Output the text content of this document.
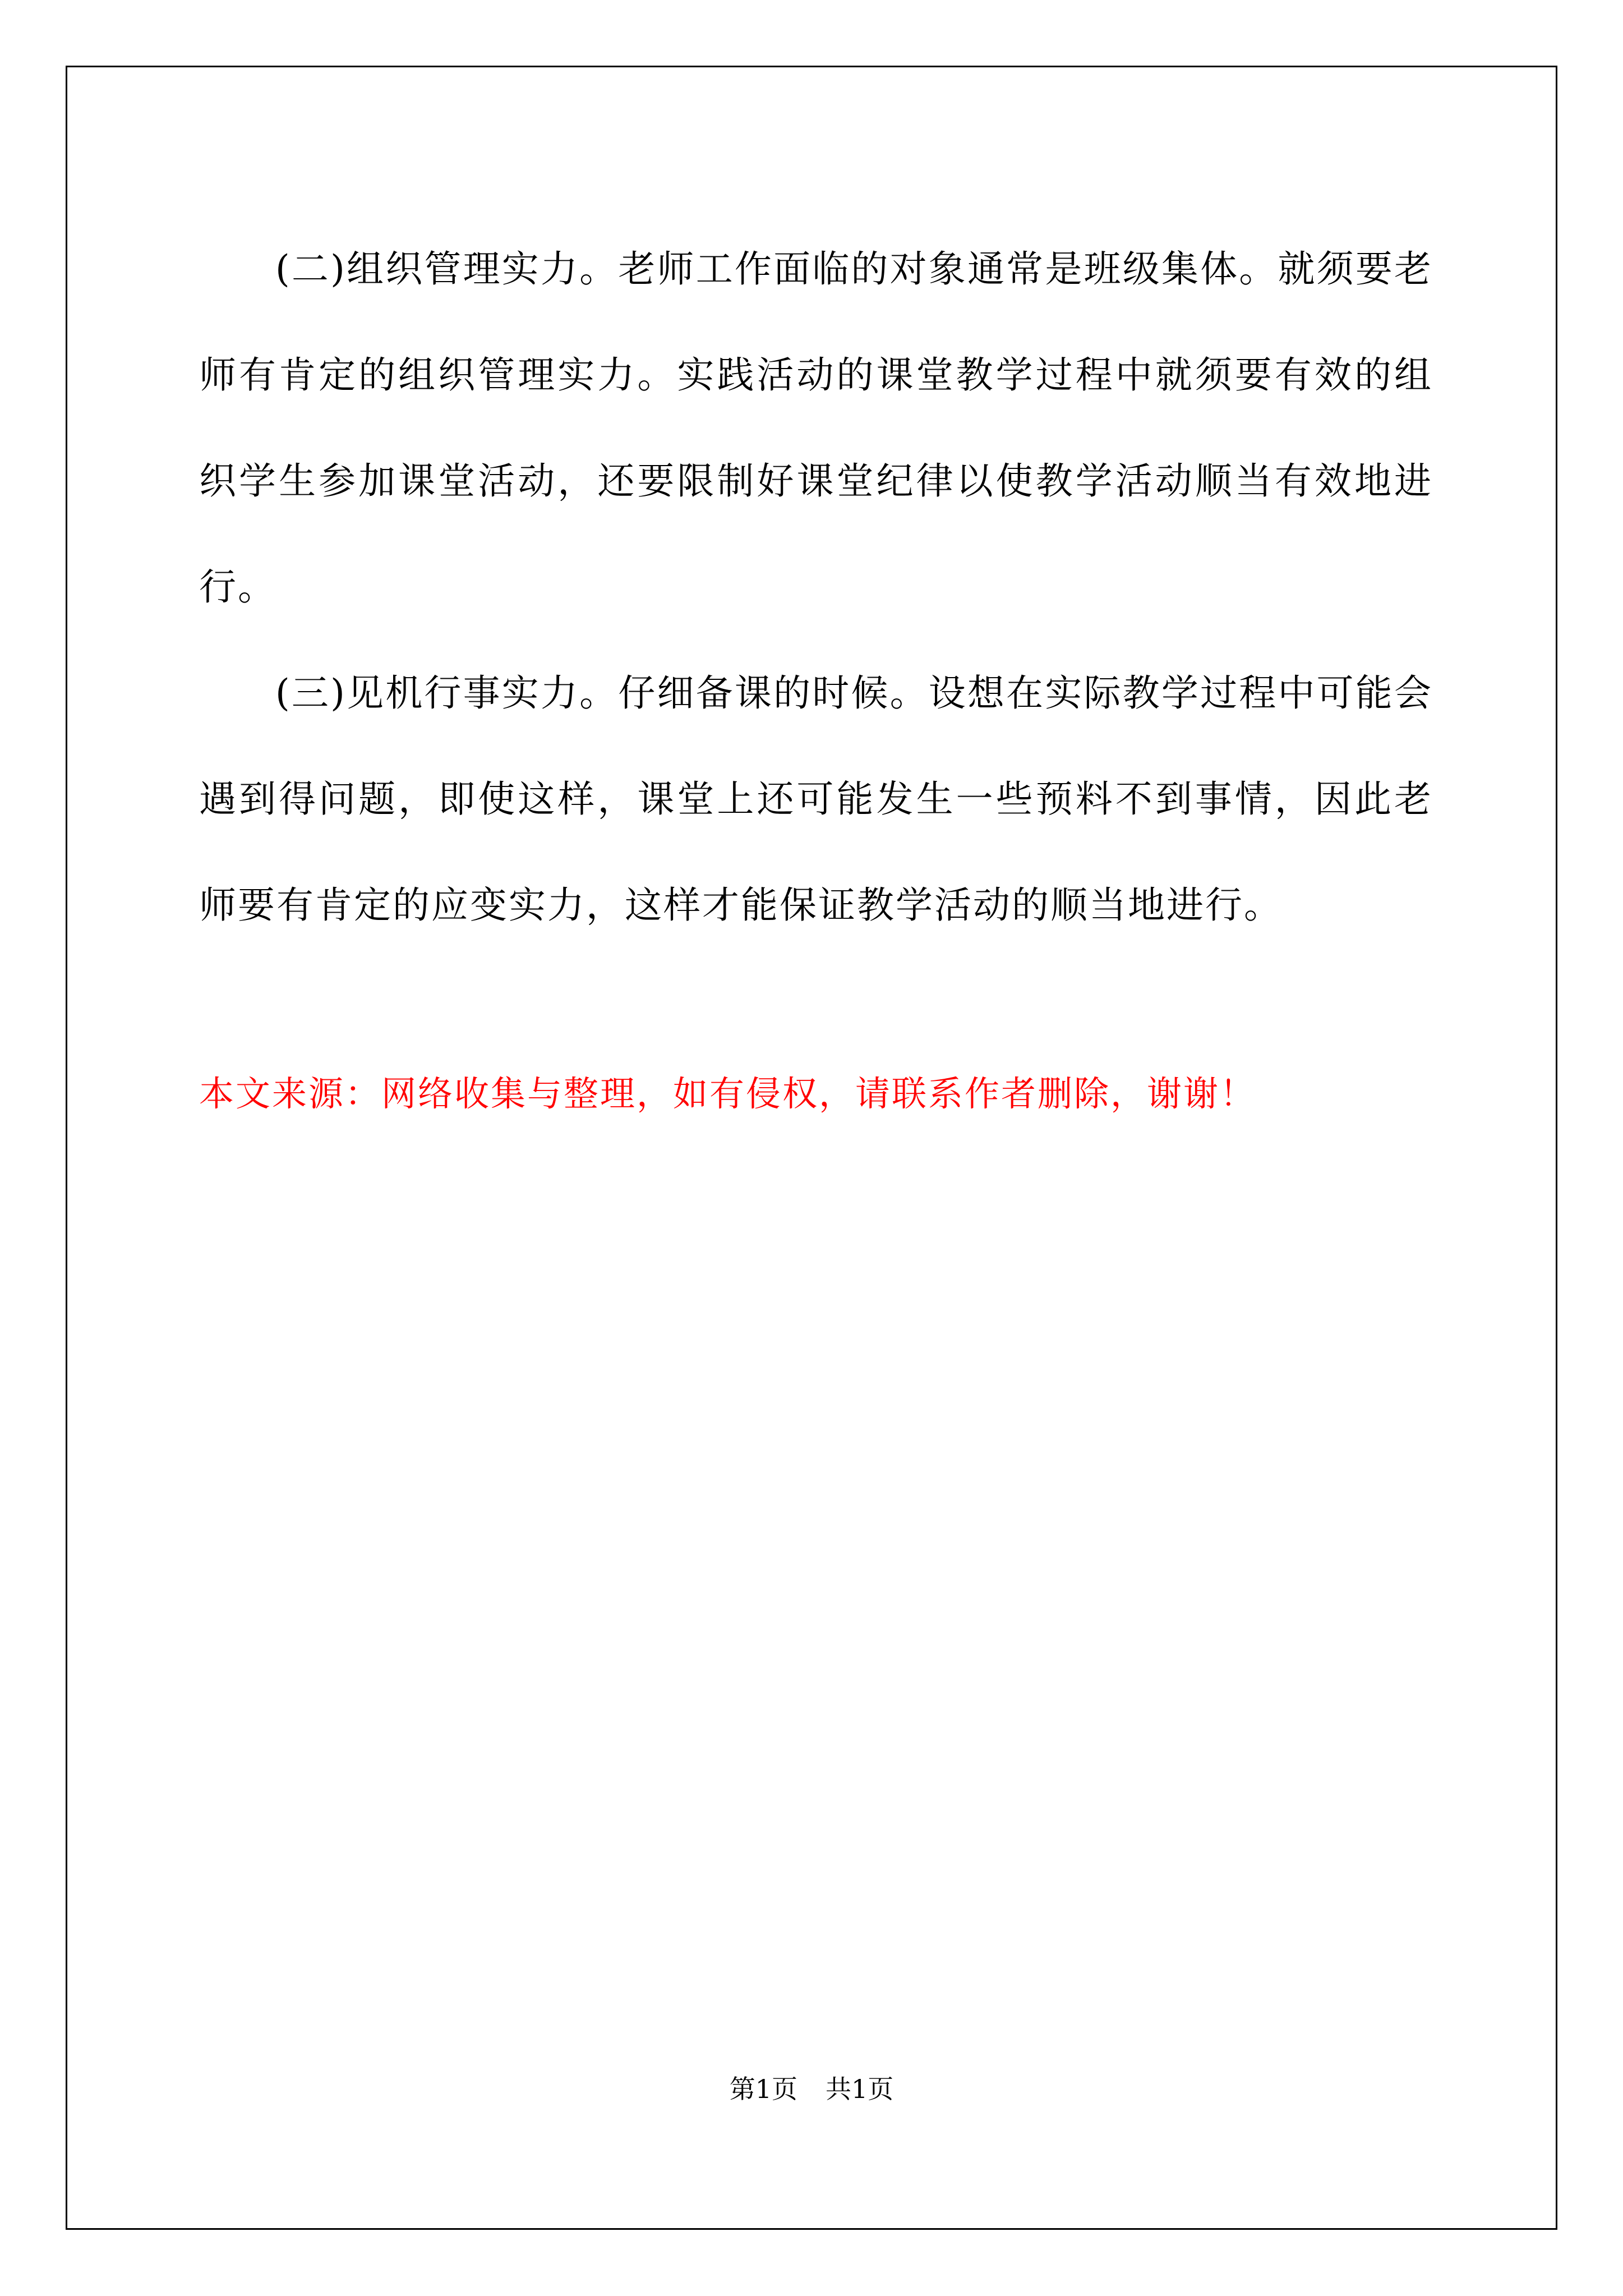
(二)组织管理实力。老师工作面临的对象通常是班级集体。就须要老师有肯定的组织管理实力。实践活动的课堂教学过程中就须要有效的组织学生参加课堂活动，还要限制好课堂纪律以使教学活动顺当有效地进行。

(三)见机行事实力。仔细备课的时候。设想在实际教学过程中可能会遇到得问题，即使这样，课堂上还可能发生一些预料不到事情，因此老师要有肯定的应变实力，这样才能保证教学活动的顺当地进行。

本文来源：网络收集与整理，如有侵权，请联系作者删除，谢谢！

第1页 共1页
